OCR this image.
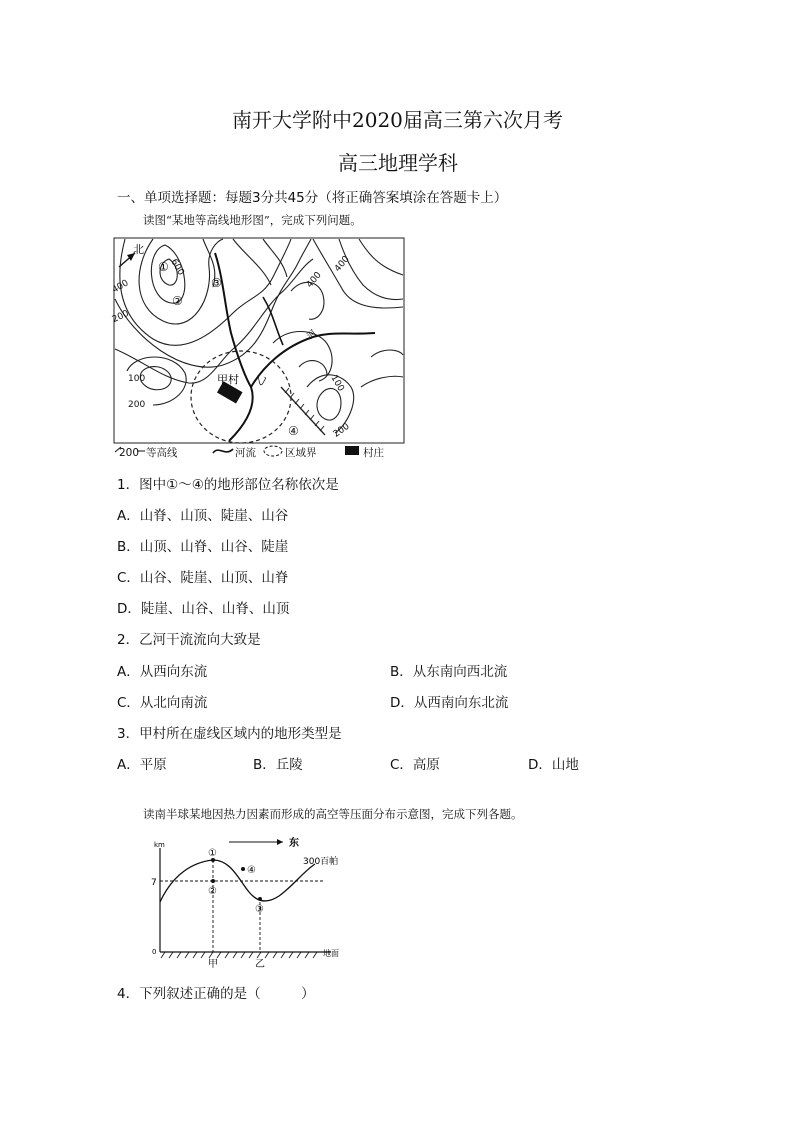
南开大学附中2020届高三第六次月考
高三地理学科
一、单项选择题：每题3分共45分（将正确答案填涂在答题卡上）
读图“某地等高线地形图”，完成下列问题。
北
甲村
600
400
200
400
100
200
400
100
200
河
乙
①
②
③
④
200 等高线	河流	区域界	村庄
1．图中①～④的地形部位名称依次是
A．山脊、山顶、陡崖、山谷
B．山顶、山脊、山谷、陡崖
C．山谷、陡崖、山顶、山脊
D．陡崖、山谷、山脊、山顶
2．乙河干流流向大致是
A．从西向东流	B．从东南向西北流
C．从北向南流	D．从西南向东北流
3．甲村所在虚线区域内的地形类型是
A．平原	B．丘陵	C．高原	D．山地
读南半球某地因热力因素而形成的高空等压面分布示意图，完成下列各题。
km
7
0
东
300百帕
①
②
③
④
地面
甲	乙
4．下列叙述正确的是（　　　）
